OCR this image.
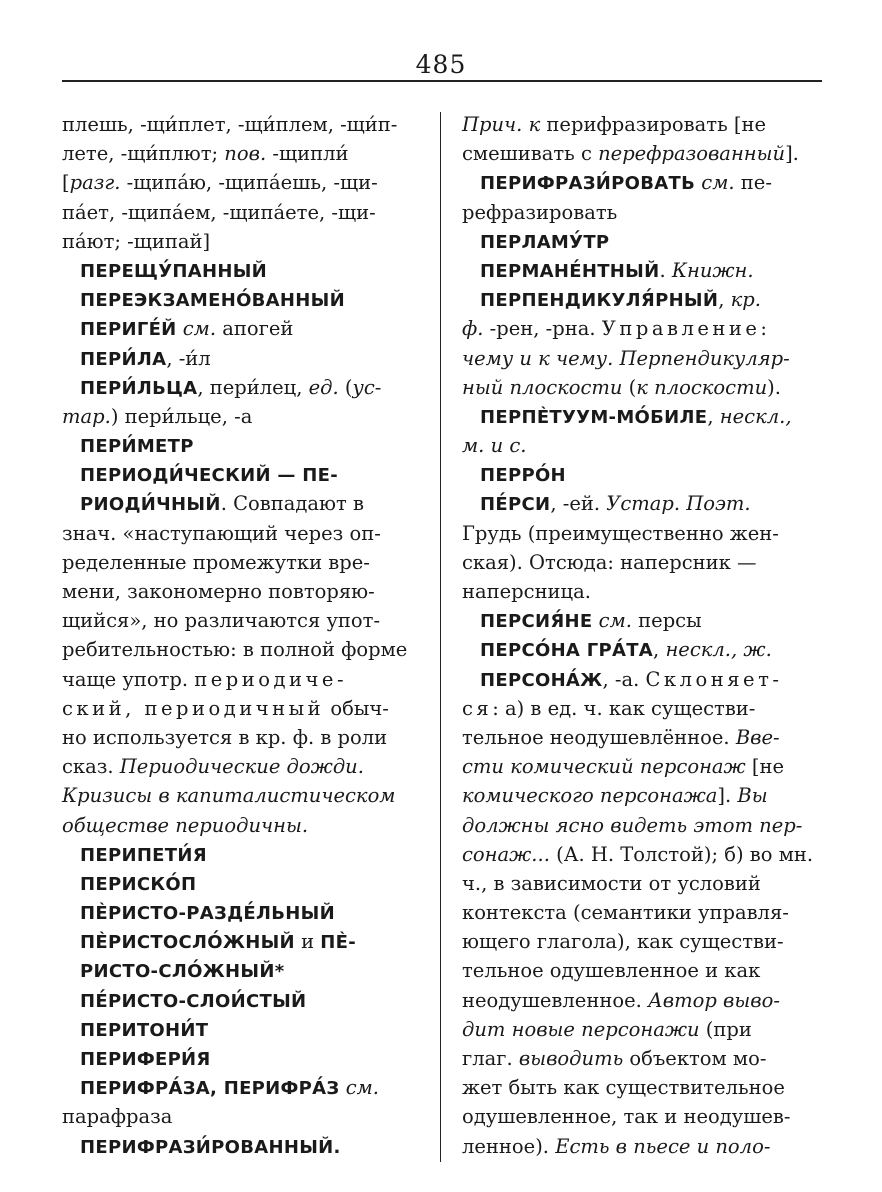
485
плешь, -щи́плет, -щи́плем, -щи́п-
лете, -щи́плют; пов. -щипли́
[разг. -щипа́ю, -щипа́ешь, -щи-
па́ет, -щипа́ем, -щипа́ете, -щи-
па́ют; -щипай]
ПЕРЕЩУ́ПАННЫЙ
ПЕРЕЭКЗАМЕНО́ВАННЫЙ
ПЕРИГЕ́Й см. апогей
ПЕРИ́ЛА, -и́л
ПЕРИ́ЛЬЦА, пери́лец, ед. (ус-
тар.) пери́льце, -а
ПЕРИ́МЕТР
ПЕРИОДИ́ЧЕСКИЙ — ПЕ-
РИОДИ́ЧНЫЙ. Совпадают в
знач. «наступающий через оп-
ределенные промежутки вре-
мени, закономерно повторяю-
щийся», но различаются упот-
ребительностью: в полной форме
чаще употр. периодиче-
ский, периодичный обыч-
но используется в кр. ф. в роли
сказ. Периодические дожди.
Кризисы в капиталистическом
обществе периодичны.
ПЕРИПЕТИ́Я
ПЕРИСКО́П
ПЀРИСТО-РАЗДЕ́ЛЬНЫЙ
ПЀРИСТОСЛО́ЖНЫЙ и ПЀ-
РИСТО-СЛО́ЖНЫЙ*
ПЕ́РИСТО-СЛОИ́СТЫЙ
ПЕРИТОНИ́Т
ПЕРИФЕРИ́Я
ПЕРИФРА́ЗА, ПЕРИФРА́З см.
парафраза
ПЕРИФРАЗИ́РОВАННЫЙ.
Прич. к перифразировать [не
смешивать с перефразованный].
ПЕРИФРАЗИ́РОВАТЬ см. пе-
рефразировать
ПЕРЛАМУ́ТР
ПЕРМАНЕ́НТНЫЙ. Книжн.
ПЕРПЕНДИКУЛЯ́РНЫЙ, кр.
ф. -рен, -рна. Управление:
чему и к чему. Перпендикуляр-
ный плоскости (к плоскости).
ПЕРПЀТУУМ-МО́БИЛЕ, нескл.,
м. и с.
ПЕРРО́Н
ПЕ́РСИ, -ей. Устар. Поэт.
Грудь (преимущественно жен-
ская). Отсюда: наперсник —
наперсница.
ПЕРСИЯ́НЕ см. персы
ПЕРСО́НА ГРА́ТА, нескл., ж.
ПЕРСОНА́Ж, -а. Склоняет-
ся: а) в ед. ч. как существи-
тельное неодушевлённое. Вве-
сти комический персонаж [не
комического персонажа]. Вы
должны ясно видеть этот пер-
сонаж... (А. Н. Толстой); б) во мн.
ч., в зависимости от условий
контекста (семантики управля-
ющего глагола), как существи-
тельное одушевленное и как
неодушевленное. Автор выво-
дит новые персонажи (при
глаг. выводить объектом мо-
жет быть как существительное
одушевленное, так и неодушев-
ленное). Есть в пьесе и поло-
